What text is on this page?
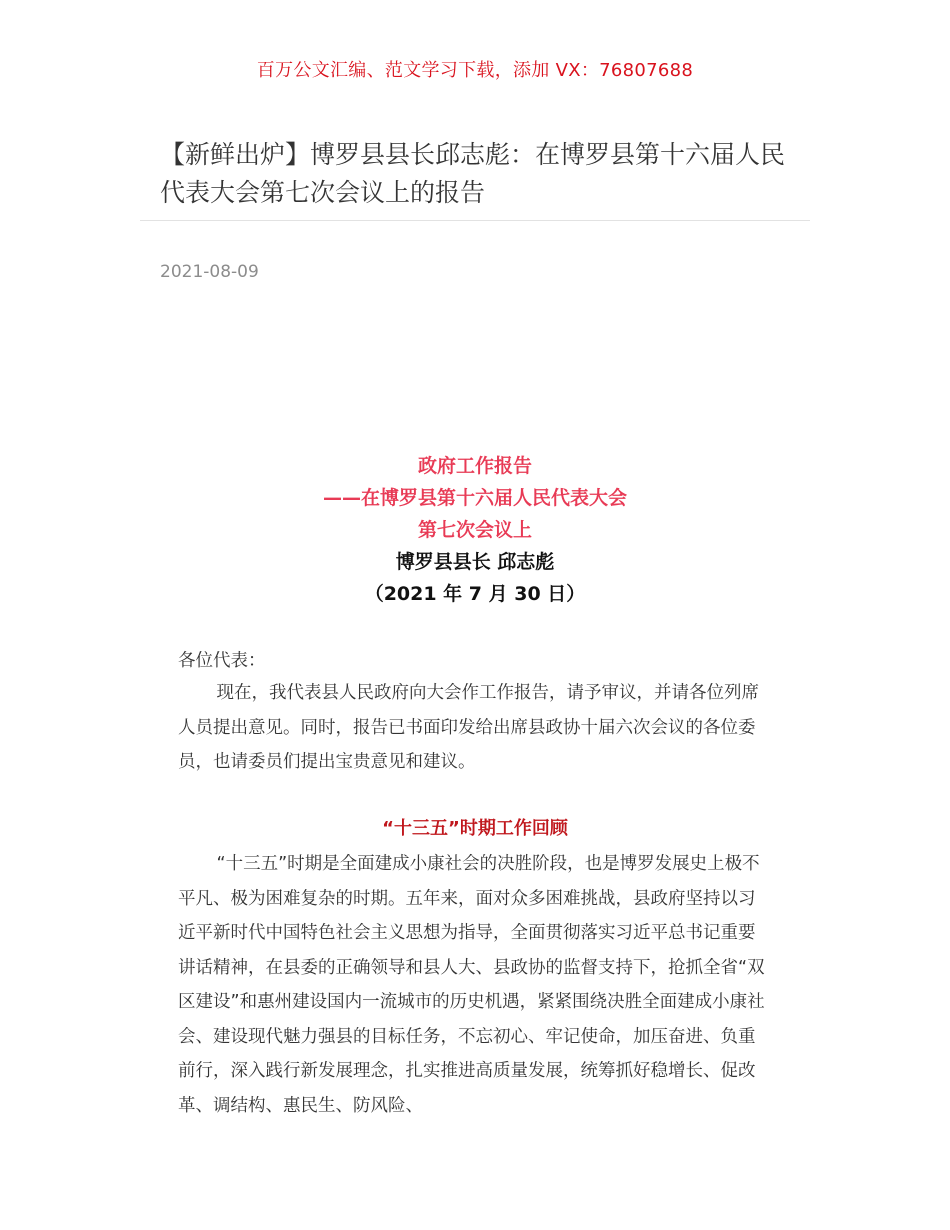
百万公文汇编、范文学习下载，添加 VX：76807688
【新鲜出炉】博罗县县长邱志彪：在博罗县第十六届人民代表大会第七次会议上的报告
2021-08-09
政府工作报告
——在博罗县第十六届人民代表大会
第七次会议上
博罗县县长 邱志彪
（2021 年 7 月 30 日）
各位代表：

现在，我代表县人民政府向大会作工作报告，请予审议，并请各位列席人员提出意见。同时，报告已书面印发给出席县政协十届六次会议的各位委员，也请委员们提出宝贵意见和建议。

“十三五”时期工作回顾

“十三五”时期是全面建成小康社会的决胜阶段，也是博罗发展史上极不平凡、极为困难复杂的时期。五年来，面对众多困难挑战，县政府坚持以习近平新时代中国特色社会主义思想为指导，全面贯彻落实习近平总书记重要讲话精神，在县委的正确领导和县人大、县政协的监督支持下，抢抓全省“双区建设”和惠州建设国内一流城市的历史机遇，紧紧围绕决胜全面建成小康社会、建设现代魅力强县的目标任务，不忘初心、牢记使命，加压奋进、负重前行，深入践行新发展理念，扎实推进高质量发展，统筹抓好稳增长、促改革、调结构、惠民生、防风险、
